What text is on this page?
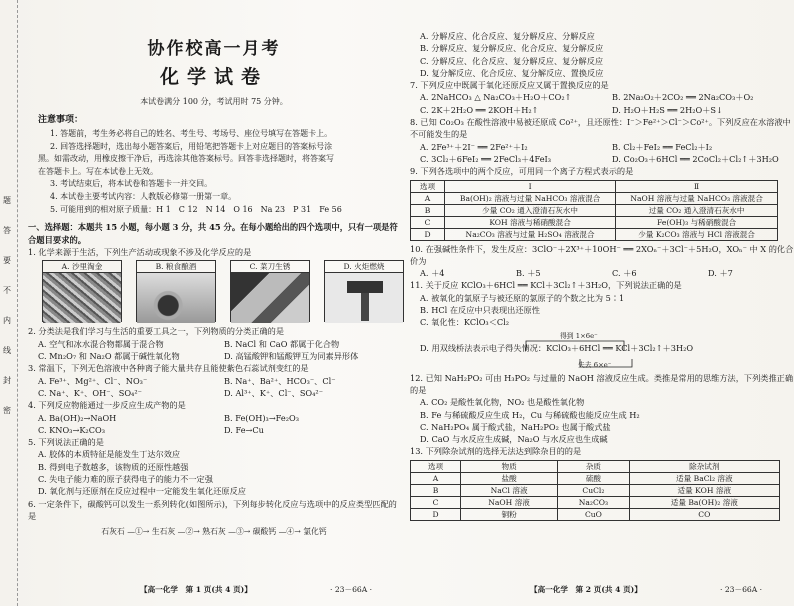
题
答
要
不
内
线
封
密
协作校高一月考
化学试卷
本试卷满分 100 分，考试用时 75 分钟。
注意事项：

1. 答题前，考生务必将自己的姓名、考生号、考场号、座位号填写在答题卡上。

2. 回答选择题时，选出每小题答案后，用铅笔把答题卡上对应题目的答案标号涂

黑。如需改动，用橡皮擦干净后，再选涂其他答案标号。回答非选择题时，将答案写

在答题卡上。写在本试卷上无效。

3. 考试结束后，将本试卷和答题卡一并交回。

4. 本试卷主要考试内容：人教版必修第一册第一章。

5. 可能用到的相对原子质量：H 1　C 12　N 14　O 16　Na 23　P 31　Fe 56

一、选择题：本题共 15 小题，每小题 3 分，共 45 分。在每小题给出的四个选项中，只有一项是符合题目要求的。
1. 化学来源于生活，下列生产活动或现象不涉及化学反应的是
A. 沙里淘金	B. 粮食酿酒	C. 菜刀生锈	D. 火炬燃烧
2. 分类法是我们学习与生活的重要工具之一，下列物质的分类正确的是
A. 空气和冰水混合物都属于混合物	B. NaCl 和 CaO 都属于化合物
C. Mn₂O₇ 和 Na₂O 都属于碱性氧化物	D. 高锰酸钾和锰酸钾互为同素异形体
3. 常温下，下列无色溶液中各种离子能大量共存且能使紫色石蕊试剂变红的是
A. Fe³⁺、Mg²⁺、Cl⁻、NO₃⁻	B. Na⁺、Ba²⁺、HCO₃⁻、Cl⁻
C. Na⁺、K⁺、OH⁻、SO₄²⁻	D. Al³⁺、K⁺、Cl⁻、SO₄²⁻
4. 下列反应物能通过一步反应生成产物的是
A. Ba(OH)₂→NaOH	B. Fe(OH)₃→Fe₂O₃
C. KNO₃→K₂CO₃	D. Fe→Cu
5. 下列说法正确的是
A. 胶体的本质特征是能发生丁达尔效应
B. 得到电子数越多，该物质的还原性越强
C. 失电子能力难的原子获得电子的能力不一定强
D. 氧化剂与还原剂在反应过程中一定能发生氧化还原反应
6. 一定条件下，碳酸钙可以发生一系列转化(如图所示)，下列每步转化反应与选项中的反应类型匹配的是
石灰石 —①→ 生石灰 —②→ 熟石灰 —③→ 碳酸钙 —④→ 氯化钙
【高一化学　第 1 页(共 4 页)】	· 23－66A ·
A. 分解反应、化合反应、复分解反应、分解反应
B. 分解反应、复分解反应、化合反应、复分解反应
C. 分解反应、化合反应、复分解反应、复分解反应
D. 复分解反应、化合反应、复分解反应、置换反应
7. 下列反应中既属于氧化还原反应又属于置换反应的是
A. 2NaHCO₃ △ Na₂CO₃＋H₂O＋CO₂↑	B. 2Na₂O₂＋2CO₂ ══ 2Na₂CO₃＋O₂
C. 2K＋2H₂O ══ 2KOH＋H₂↑	D. H₂O＋H₂S ══ 2H₂O＋S↓
8. 已知 Co₂O₃ 在酸性溶液中易被还原成 Co²⁺，且还原性：I⁻＞Fe²⁺＞Cl⁻＞Co²⁺。下列反应在水溶液中不可能发生的是
A. 2Fe³⁺＋2I⁻ ══ 2Fe²⁺＋I₂	B. Cl₂＋FeI₂ ══ FeCl₂＋I₂
C. 3Cl₂＋6FeI₂ ══ 2FeCl₃＋4FeI₃	D. Co₂O₃＋6HCl ══ 2CoCl₂＋Cl₂↑＋3H₂O
9. 下列各选项中的两个反应，可用同一个离子方程式表示的是
选项	Ⅰ	Ⅱ
A	Ba(OH)₂ 溶液与过量 NaHCO₃ 溶液混合	NaOH 溶液与过量 NaHCO₃ 溶液混合
B	少量 CO₂ 通入澄清石灰水中	过量 CO₂ 通入澄清石灰水中
C	KOH 溶液与稀硝酸混合	Fe(OH)₃ 与稀硝酸混合
D	Na₂CO₃ 溶液与过量 H₂SO₄ 溶液混合	少量 K₂CO₃ 溶液与 HCl 溶液混合
10. 在强碱性条件下，发生反应：3ClO⁻＋2X³⁺＋10OH⁻ ══ 2XOₙ⁻＋3Cl⁻＋5H₂O，XOₙ⁻ 中 X 的化合价为
A. ＋4	B. ＋5	C. ＋6	D. ＋7
11. 关于反应 KClO₃＋6HCl ══ KCl＋3Cl₂↑＋3H₂O，下列说法正确的是
A. 被氧化的氯原子与被还原的氯原子的个数之比为 5∶1
B. HCl 在反应中只表现出还原性
C. 氧化性：KClO₃＜Cl₂
得到 1×6e⁻
D. 用双线桥法表示电子得失情况：KClO₃＋6HCl ══ KCl＋3Cl₂↑＋3H₂O
失去 6×e⁻
12. 已知 NaH₂PO₂ 可由 H₃PO₂ 与过量的 NaOH 溶液反应生成。类推是常用的思维方法，下列类推正确的是
A. CO₂ 是酸性氧化物，NO₂ 也是酸性氧化物
B. Fe 与稀硫酸反应生成 H₂，Cu 与稀硫酸也能反应生成 H₂
C. NaH₂PO₄ 属于酸式盐，NaH₂PO₂ 也属于酸式盐
D. CaO 与水反应生成碱，Na₂O 与水反应也生成碱
13. 下列除杂试剂的选择无法达到除杂目的的是
选项	物质	杂质	除杂试剂
A	盐酸	硫酸	适量 BaCl₂ 溶液
B	NaCl 溶液	CuCl₂	适量 KOH 溶液
C	NaOH 溶液	Na₂CO₃	适量 Ba(OH)₂ 溶液
D	铜粉	CuO	CO
【高一化学　第 2 页(共 4 页)】	· 23－66A ·
